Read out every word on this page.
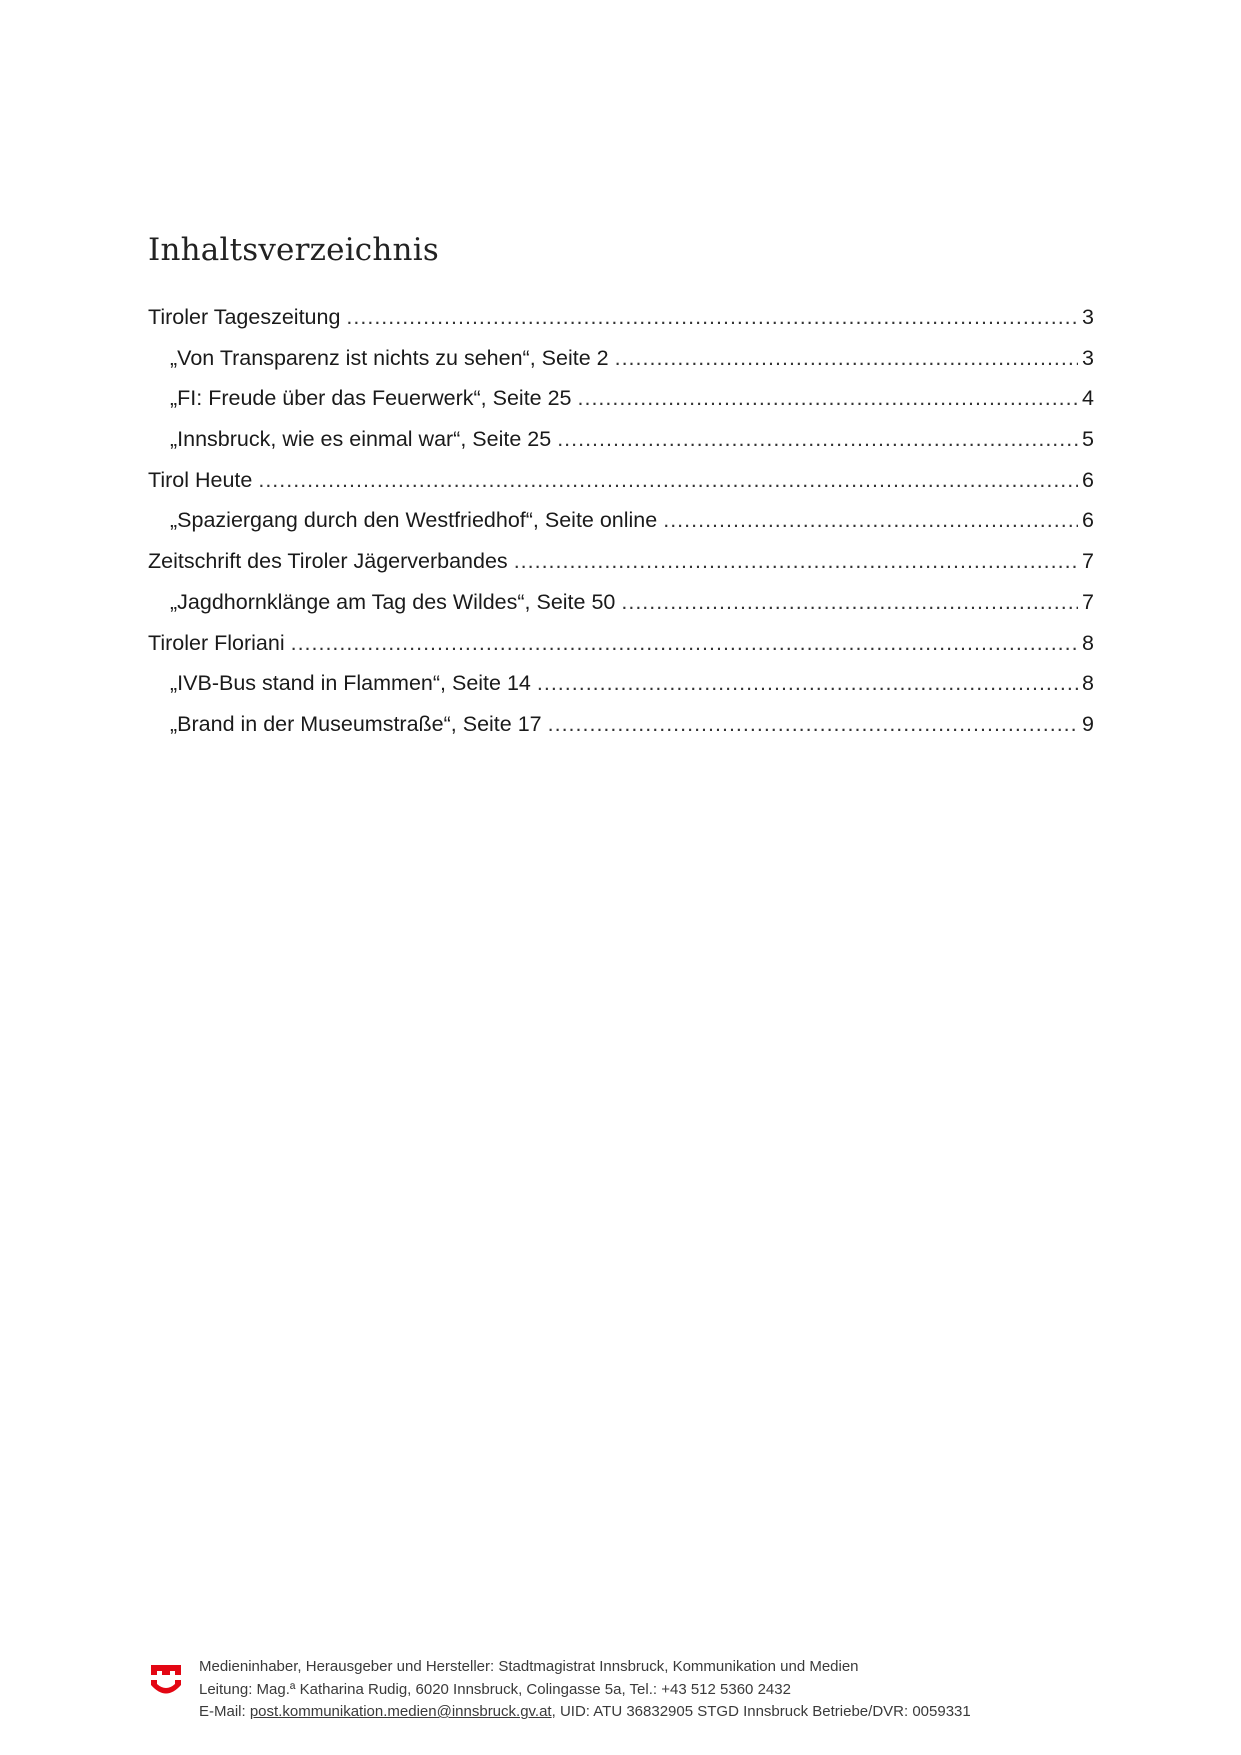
Inhaltsverzeichnis
Tiroler Tageszeitung .....	3
„Von Transparenz ist nichts zu sehen“, Seite 2 .....	3
„FI: Freude über das Feuerwerk“, Seite 25 .....	4
„Innsbruck, wie es einmal war“, Seite 25 .....	5
Tirol Heute .....	6
„Spaziergang durch den Westfriedhof“, Seite online .....	6
Zeitschrift des Tiroler Jägerverbandes .....	7
„Jagdhornklänge am Tag des Wildes“, Seite 50 .....	7
Tiroler Floriani .....	8
„IVB-Bus stand in Flammen“, Seite 14 .....	8
„Brand in der Museumstraße“, Seite 17 .....	9
Medieninhaber, Herausgeber und Hersteller: Stadtmagistrat Innsbruck, Kommunikation und Medien
Leitung: Mag.ª Katharina Rudig, 6020 Innsbruck, Colingasse 5a, Tel.: +43 512 5360 2432
E-Mail: post.kommunikation.medien@innsbruck.gv.at, UID: ATU 36832905 STGD Innsbruck Betriebe/DVR: 0059331
